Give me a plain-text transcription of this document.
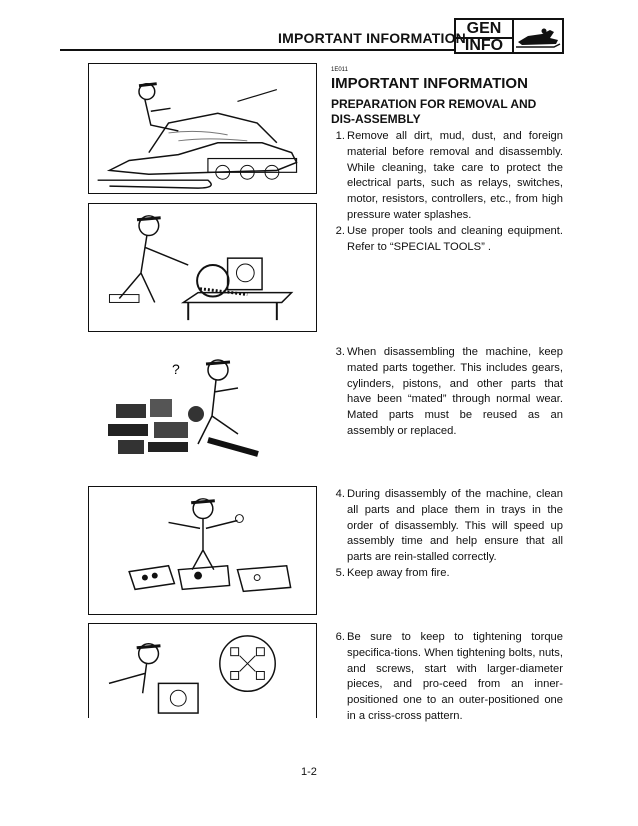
IMPORTANT INFORMATION
GEN
INFO
?
1E011
IMPORTANT INFORMATION
PREPARATION FOR REMOVAL AND DIS-ASSEMBLY
1. Remove all dirt, mud, dust, and foreign material before removal and disassembly. While cleaning, take care to protect the electrical parts, such as relays, switches, motor, resistors, controllers, etc., from high pressure water splashes.
2. Use proper tools and cleaning equipment. Refer to “SPECIAL TOOLS” .
3. When disassembling the machine, keep mated parts together. This includes gears, cylinders, pistons, and other parts that have been “mated” through normal wear. Mated parts must be reused as an assembly or replaced.
4. During disassembly of the machine, clean all parts and place them in trays in the order of disassembly. This will speed up assembly time and help ensure that all parts are rein-stalled correctly.
5. Keep away from fire.
6. Be sure to keep to tightening torque specifica-tions. When tightening bolts, nuts, and screws, start with larger-diameter pieces, and pro-ceed from an inner-positioned one to an outer-positioned one in a criss-cross pattern.
1-2
